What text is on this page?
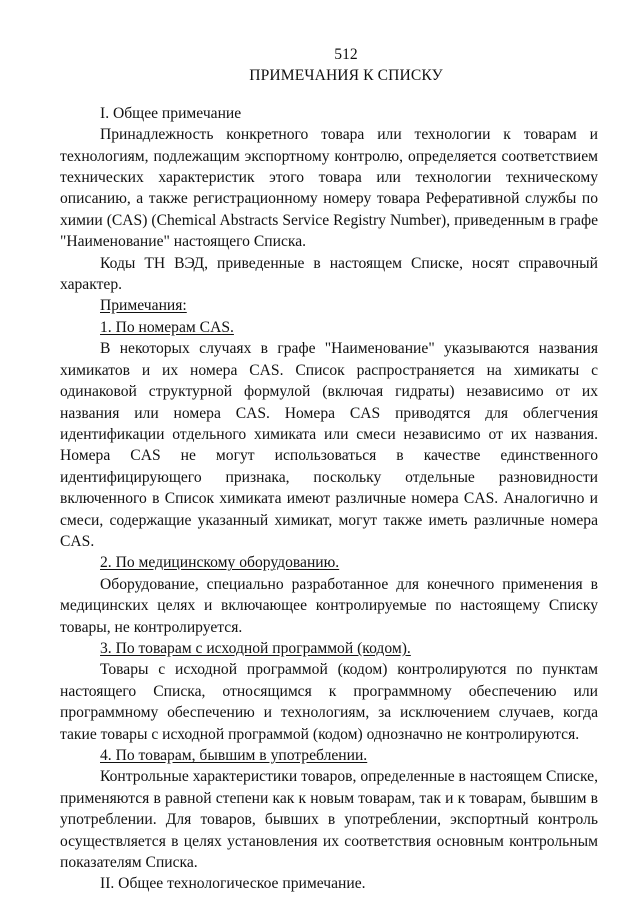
512
ПРИМЕЧАНИЯ К СПИСКУ
I. Общее примечание

Принадлежность конкретного товара или технологии к товарам и технологиям, подлежащим экспортному контролю, определяется соответствием технических характеристик этого товара или технологии техническому описанию, а также регистрационному номеру товара Реферативной службы по химии (CAS) (Chemical Abstracts Service Registry Number), приведенным в графе "Наименование" настоящего Списка.

Коды ТН ВЭД, приведенные в настоящем Списке, носят справочный характер.

Примечания:
1. По номерам CAS.

В некоторых случаях в графе "Наименование" указываются названия химикатов и их номера CAS. Список распространяется на химикаты с одинаковой структурной формулой (включая гидраты) независимо от их названия или номера CAS. Номера CAS приводятся для облегчения идентификации отдельного химиката или смеси независимо от их названия. Номера CAS не могут использоваться в качестве единственного идентифицирующего признака, поскольку отдельные разновидности включенного в Список химиката имеют различные номера CAS. Аналогично и смеси, содержащие указанный химикат, могут также иметь различные номера CAS.

2. По медицинскому оборудованию.

Оборудование, специально разработанное для конечного применения в медицинских целях и включающее контролируемые по настоящему Списку товары, не контролируется.

3. По товарам с исходной программой (кодом).

Товары с исходной программой (кодом) контролируются по пунктам настоящего Списка, относящимся к программному обеспечению или программному обеспечению и технологиям, за исключением случаев, когда такие товары с исходной программой (кодом) однозначно не контролируются.

4. По товарам, бывшим в употреблении.

Контрольные характеристики товаров, определенные в настоящем Списке, применяются в равной степени как к новым товарам, так и к товарам, бывшим в употреблении. Для товаров, бывших в употреблении, экспортный контроль осуществляется в целях установления их соответствия основным контрольным показателям Списка.

II. Общее технологическое примечание.
